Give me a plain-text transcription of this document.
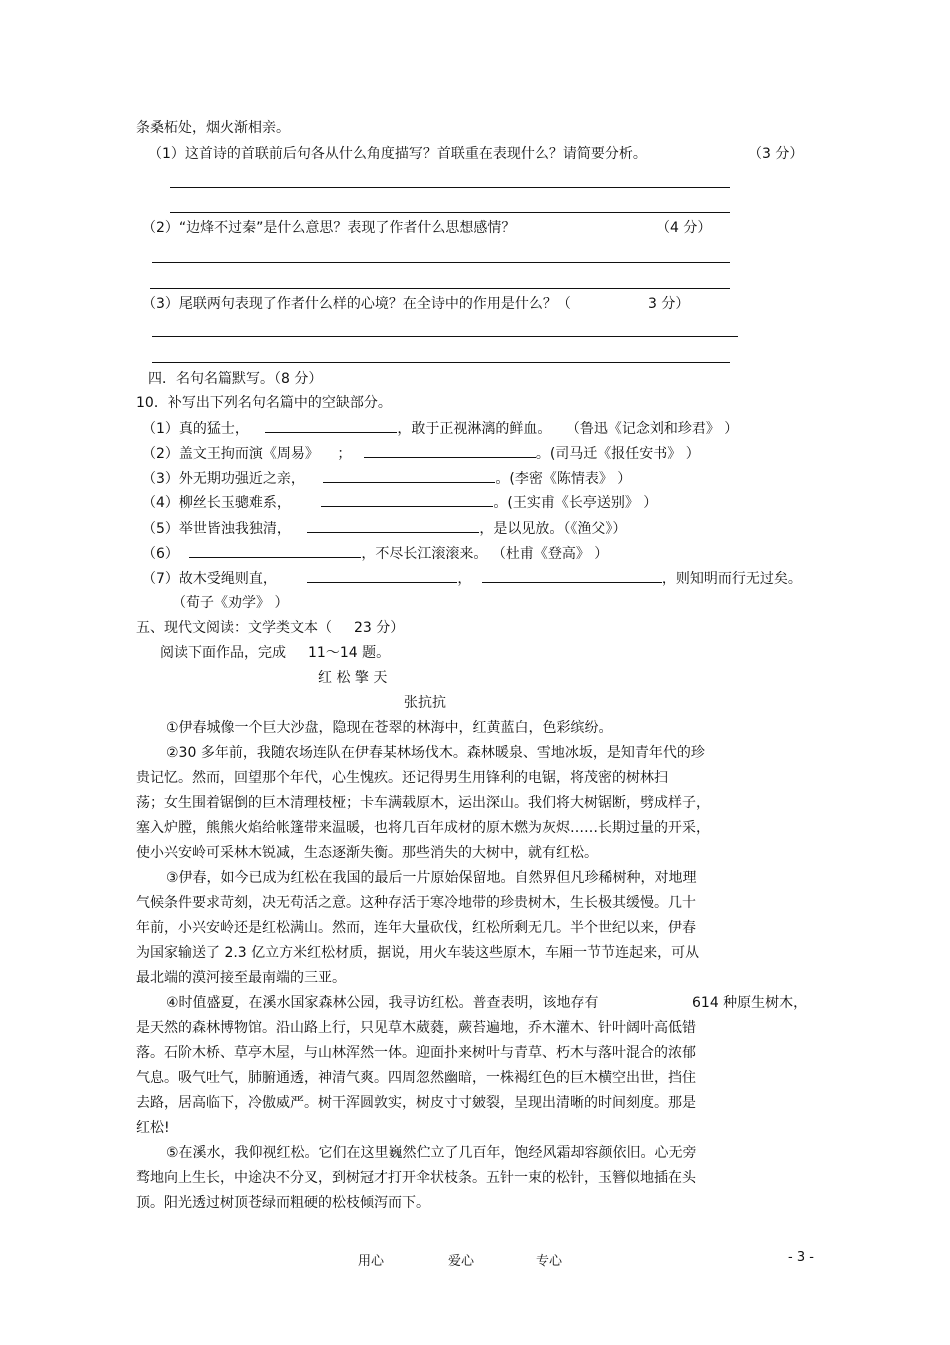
条桑柘处，烟火渐相亲。
（1）这首诗的首联前后句各从什么角度描写？首联重在表现什么？请简要分析。	（3 分）
（2）“边烽不过秦”是什么意思？表现了作者什么思想感情？	（4 分）
（3）尾联两句表现了作者什么样的心境？在全诗中的作用是什么？（	3 分）
四．名句名篇默写。（8 分）
10．补写出下列名句名篇中的空缺部分。
（1）真的猛士，	，敢于正视淋漓的鲜血。 （鲁迅《记念刘和珍君》 ）
（2）盖文王拘而演《周易》 ；	。(司马迁《报任安书》 ）
（3）外无期功强近之亲，	。(李密《陈情表》 ）
（4）柳丝长玉骢难系，	。(王实甫《长亭送别》 ）
（5）举世皆浊我独清，	，是以见放。（《渔父》）
（6）	，不尽长江滚滚来。 （杜甫《登高》 ）
（7）故木受绳则直，	，	，则知明而行无过矣。
（荀子《劝学》 ）
五、现代文阅读：文学类文本（ 23 分）
阅读下面作品，完成 11～14 题。
红 松 擎 天
张抗抗
①伊春城像一个巨大沙盘，隐现在苍翠的林海中，红黄蓝白，色彩缤纷。
②30 多年前，我随农场连队在伊春某林场伐木。森林暖泉、雪地冰坂，是知青年代的珍
贵记忆。然而，回望那个年代，心生愧疚。还记得男生用锋利的电锯，将茂密的树林扫
荡；女生围着锯倒的巨木清理枝桠；卡车满载原木，运出深山。我们将大树锯断，劈成样子，
塞入炉膛，熊熊火焰给帐篷带来温暖，也将几百年成材的原木燃为灰烬……长期过量的开采，
使小兴安岭可采林木锐减，生态逐渐失衡。那些消失的大树中，就有红松。
③伊春，如今已成为红松在我国的最后一片原始保留地。自然界但凡珍稀树种，对地理
气候条件要求苛刻，决无苟活之意。这种存活于寒冷地带的珍贵树木，生长极其缓慢。几十
年前，小兴安岭还是红松满山。然而，连年大量砍伐，红松所剩无几。半个世纪以来，伊春
为国家输送了 2.3 亿立方米红松材质，据说，用火车装这些原木，车厢一节节连起来，可从
最北端的漠河接至最南端的三亚。
④时值盛夏，在溪水国家森林公园，我寻访红松。普查表明，该地存有	614 种原生树木，
是天然的森林博物馆。沿山路上行，只见草木葳蕤，蕨苔遍地，乔木灌木、针叶阔叶高低错
落。石阶木桥、草亭木屋，与山林浑然一体。迎面扑来树叶与青草、朽木与落叶混合的浓郁
气息。吸气吐气，肺腑通透，神清气爽。四周忽然幽暗，一株褐红色的巨木横空出世，挡住
去路，居高临下，冷傲威严。树干浑圆敦实，树皮寸寸皴裂，呈现出清晰的时间刻度。那是
红松!
⑤在溪水，我仰视红松。它们在这里巍然伫立了几百年，饱经风霜却容颜依旧。心无旁
骛地向上生长，中途决不分叉，到树冠才打开伞状枝条。五针一束的松针，玉簪似地插在头
顶。阳光透过树顶苍绿而粗硬的松枝倾泻而下。
用心	爱心	专心	- 3 -
